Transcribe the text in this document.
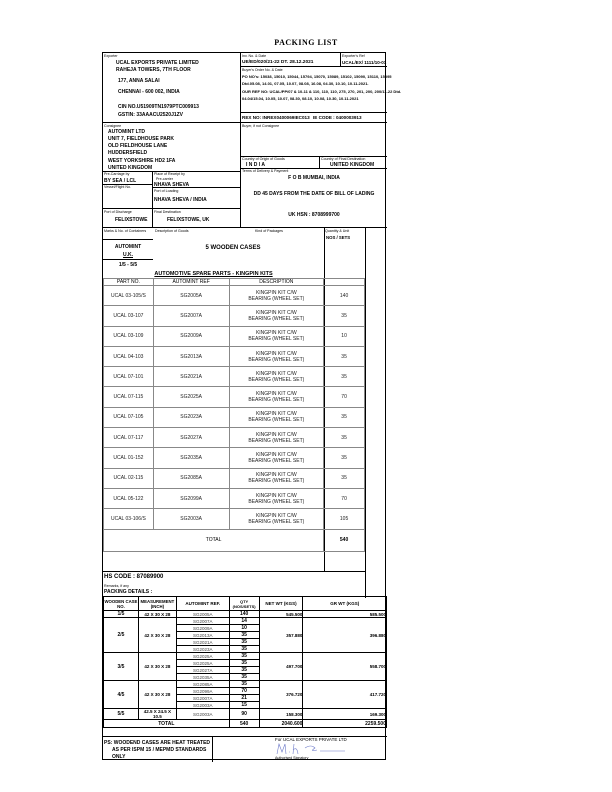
PACKING LIST
Exporter
UCAL EXPORTS PRIVATE LIMITED
RAHEJA TOWERS, 7TH FLOOR
177, ANNA SALAI
CHENNAI - 600 002, INDIA
CIN NO.U51909TN1979PTC009913
GSTIN: 33AAACU2520J1ZV
Inv. No. & Date
UE/ED/020/21-22 DT. 28.12.2021
Exporter's Ref
UCAL/EX/ 1111/10-01
Buyer's Order No. & Date
PO NO's: 15038, 15010, 15044, 15794, 15070, 15089, 15102, 15090, 15110, 15095
Dtd.05.08, 14.01, 07.05, 10.07, 08.08, 16.08, 04.30, 10.10, 10.11.2021.
OUR REF NO: UCAL/PP/07 & 10-11 & 110, 110, 110, 275, 270, 201, 200, 200/11-22 Dtd.
04.04/15.04, 10.05, 10.07, 08.30, 08.10, 10.08, 10.30, 10.11.2021
REX NO: INREX0400069IEC013 IE CODE : 0400003913
Consignee
AUTOMINT LTD
UNIT 7, FIELDHOUSE PARK
OLD FIELDHOUSE LANE
HUDDERSFIELD
WEST YORKSHIRE HD2 1FA
UNITED KINGDOM
Buyer, if not Consignee
Country of Origin of Goods
I N D I A
Country of Final Destination
UNITED KINGDOM
Terms of Delivery & Payment
F O B MUMBAI, INDIA
DD 45 DAYS FROM THE DATE OF BILL OF LADING
UK HSN : 8708999700
Pre-Carriage by
BY SEA / LCL
Place of Receipt by
Pre-carrier
NHAVA SHEVA
Vessel/Flight No.
Port of Loading
NHAVA SHEVA / INDIA
Port of Discharge
FELIXSTOWE
Final Destination
FELIXSTOWE, UK
Marks & No. of Containers Description of Goods	Kind of Packages	Quantity & Unit
NOS / SETS
AUTOMINT
U.K.
1/5 - 5/5
5 WOODEN CASES
AUTOMOTIVE SPARE PARTS - KINGPIN KITS
PART NO.	AUTOMINT REF	DESCRIPTION	
UCAL 03-105/S	SG2005A	KINGPIN KIT C/W
BEARING (WHEEL SET)	140
UCAL 03-107	SG2007A	KINGPIN KIT C/W
BEARING (WHEEL SET)	35
UCAL 03-109	SG2009A	KINGPIN KIT C/W
BEARING (WHEEL SET)	10
UCAL 04-103	SG2013A	KINGPIN KIT C/W
BEARING (WHEEL SET)	35
UCAL 07-101	SG2021A	KINGPIN KIT C/W
BEARING (WHEEL SET)	35
UCAL 07-115	SG2025A	KINGPIN KIT C/W
BEARING (WHEEL SET)	70
UCAL 07-105	SG2023A	KINGPIN KIT C/W
BEARING (WHEEL SET)	35
UCAL 07-117	SG2027A	KINGPIN KIT C/W
BEARING (WHEEL SET)	35
UCAL 01-152	SG2035A	KINGPIN KIT C/W
BEARING (WHEEL SET)	35
UCAL 02-115	SG2085A	KINGPIN KIT C/W
BEARING (WHEEL SET)	35
UCAL 05-122	SG2099A	KINGPIN KIT C/W
BEARING (WHEEL SET)	70
UCAL 03-106/S	SG2003A	KINGPIN KIT C/W
BEARING (WHEEL SET)	105
TOTAL			540
HS CODE : 87089900
Remarks, if any
PACKING DETAILS :
WOODEN CASE NO.	MEASUREMENT (INCH)	AUTOMINT REF.	QTY (NOS/SETS)	NET WT (KGS)	GR WT (KGS)
1/5	42 X 30 X 28	SG2005A	140	545.500	585.500
2/5	42 X 30 X 28	SG2007A	14	357.880	396.880
		SG2009A	10		
		SG2013A	35		
		SG2021A	35		
		SG2023A	35		
3/5	42 X 30 X 28	SG2025A	35	497.700	558.700
		SG2025A	35		
		SG2027A	35		
		SG2035A	35		
4/5	42 X 30 X 28	SG2085A	35	376.720	417.720
		SG2099A	70		
		SG2007A	21		
		SG2003A	15		
5/5	42.5 X 24.5 X 10.5	SG2003A	90	158.300	169.300
TOTAL			540	2040.600	2259.500
PS: WOODEND CASES ARE HEAT TREATED
AS PER ISPM 15 / MEPMD STANDARDS
ONLY
For UCAL EXPORTS PRIVATE LTD
Authorised Signatory
